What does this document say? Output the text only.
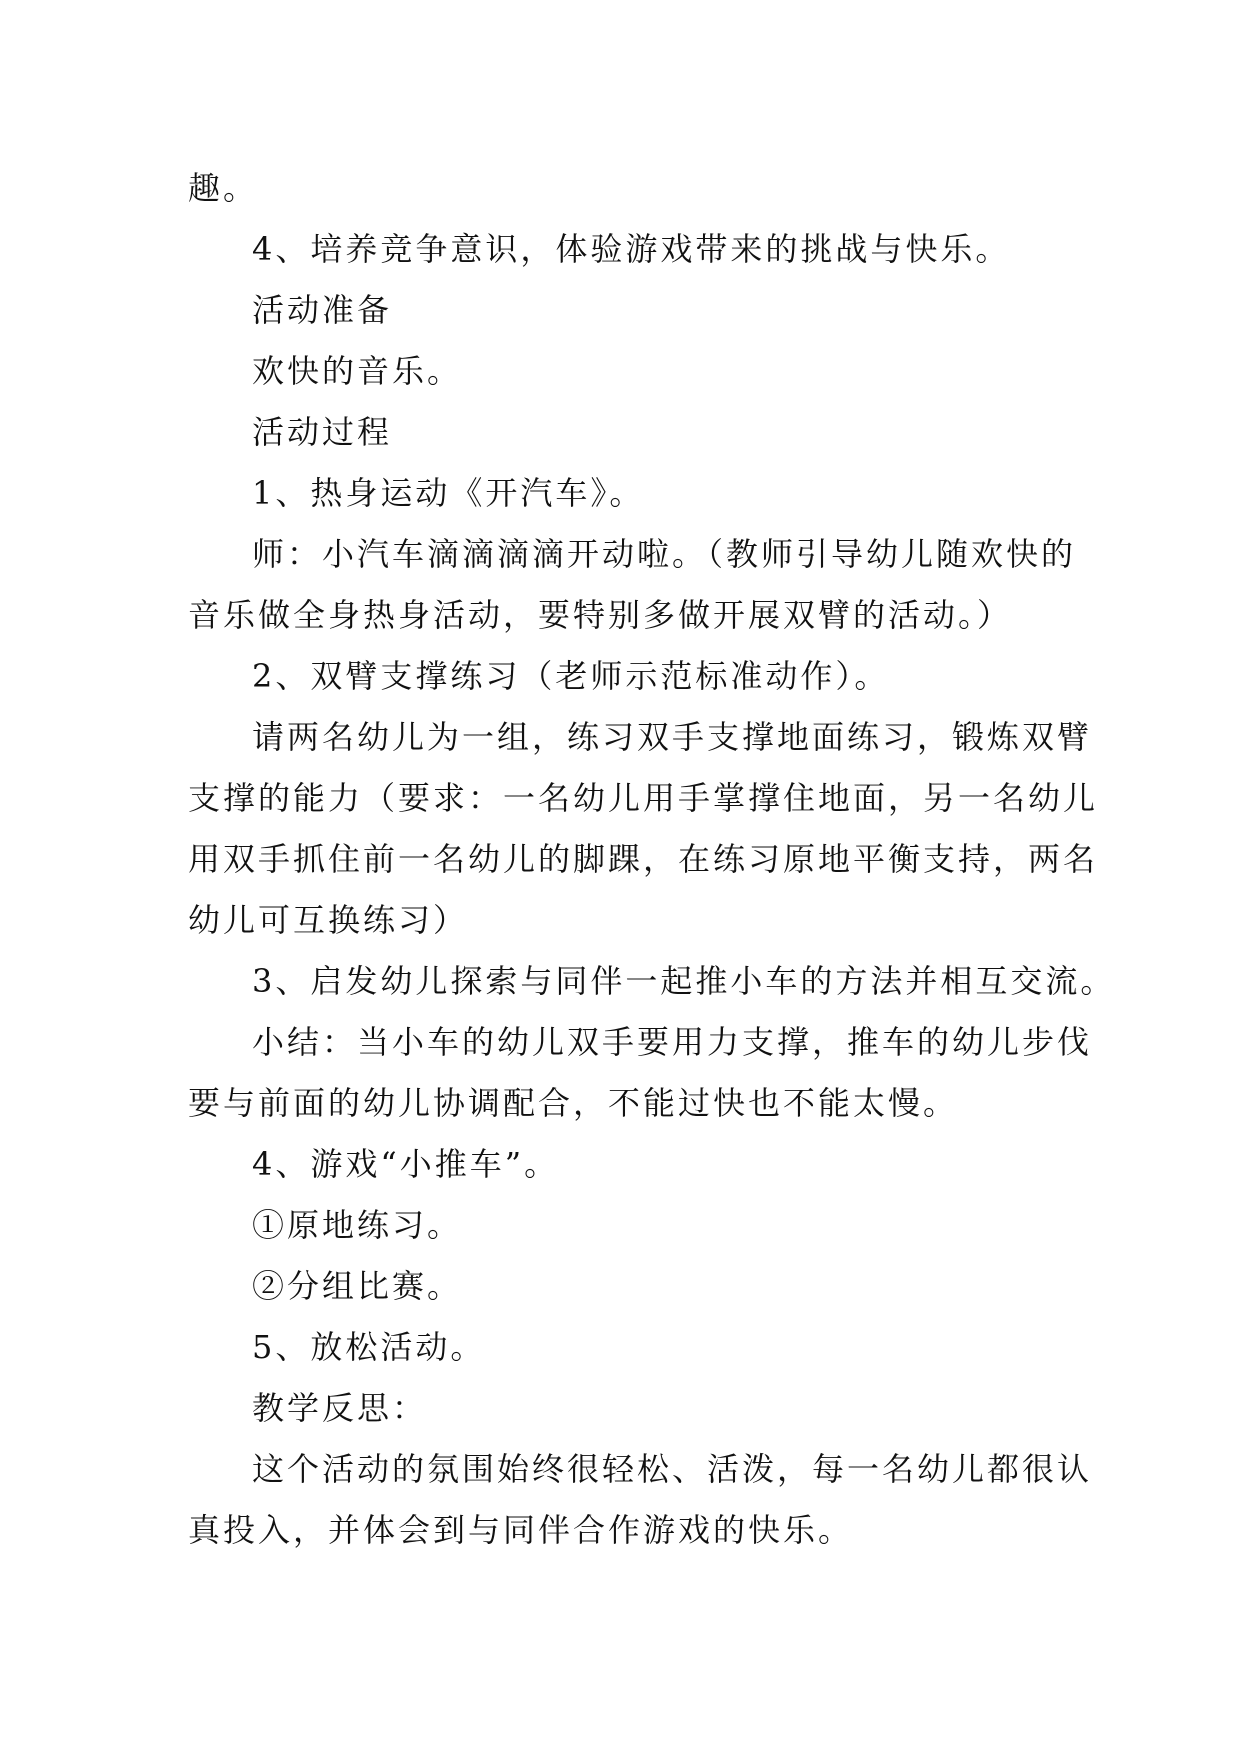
趣。
4、培养竞争意识，体验游戏带来的挑战与快乐。
活动准备
欢快的音乐。
活动过程
1、热身运动《开汽车》。
师：小汽车滴滴滴滴开动啦。（教师引导幼儿随欢快的
音乐做全身热身活动，要特别多做开展双臂的活动。）
2、双臂支撑练习（老师示范标准动作）。
请两名幼儿为一组，练习双手支撑地面练习，锻炼双臂
支撑的能力（要求：一名幼儿用手掌撑住地面，另一名幼儿
用双手抓住前一名幼儿的脚踝，在练习原地平衡支持，两名
幼儿可互换练习）
3、启发幼儿探索与同伴一起推小车的方法并相互交流。
小结：当小车的幼儿双手要用力支撑，推车的幼儿步伐
要与前面的幼儿协调配合，不能过快也不能太慢。
4、游戏“小推车”。
①原地练习。
②分组比赛。
5、放松活动。
教学反思：
这个活动的氛围始终很轻松、活泼，每一名幼儿都很认
真投入，并体会到与同伴合作游戏的快乐。
